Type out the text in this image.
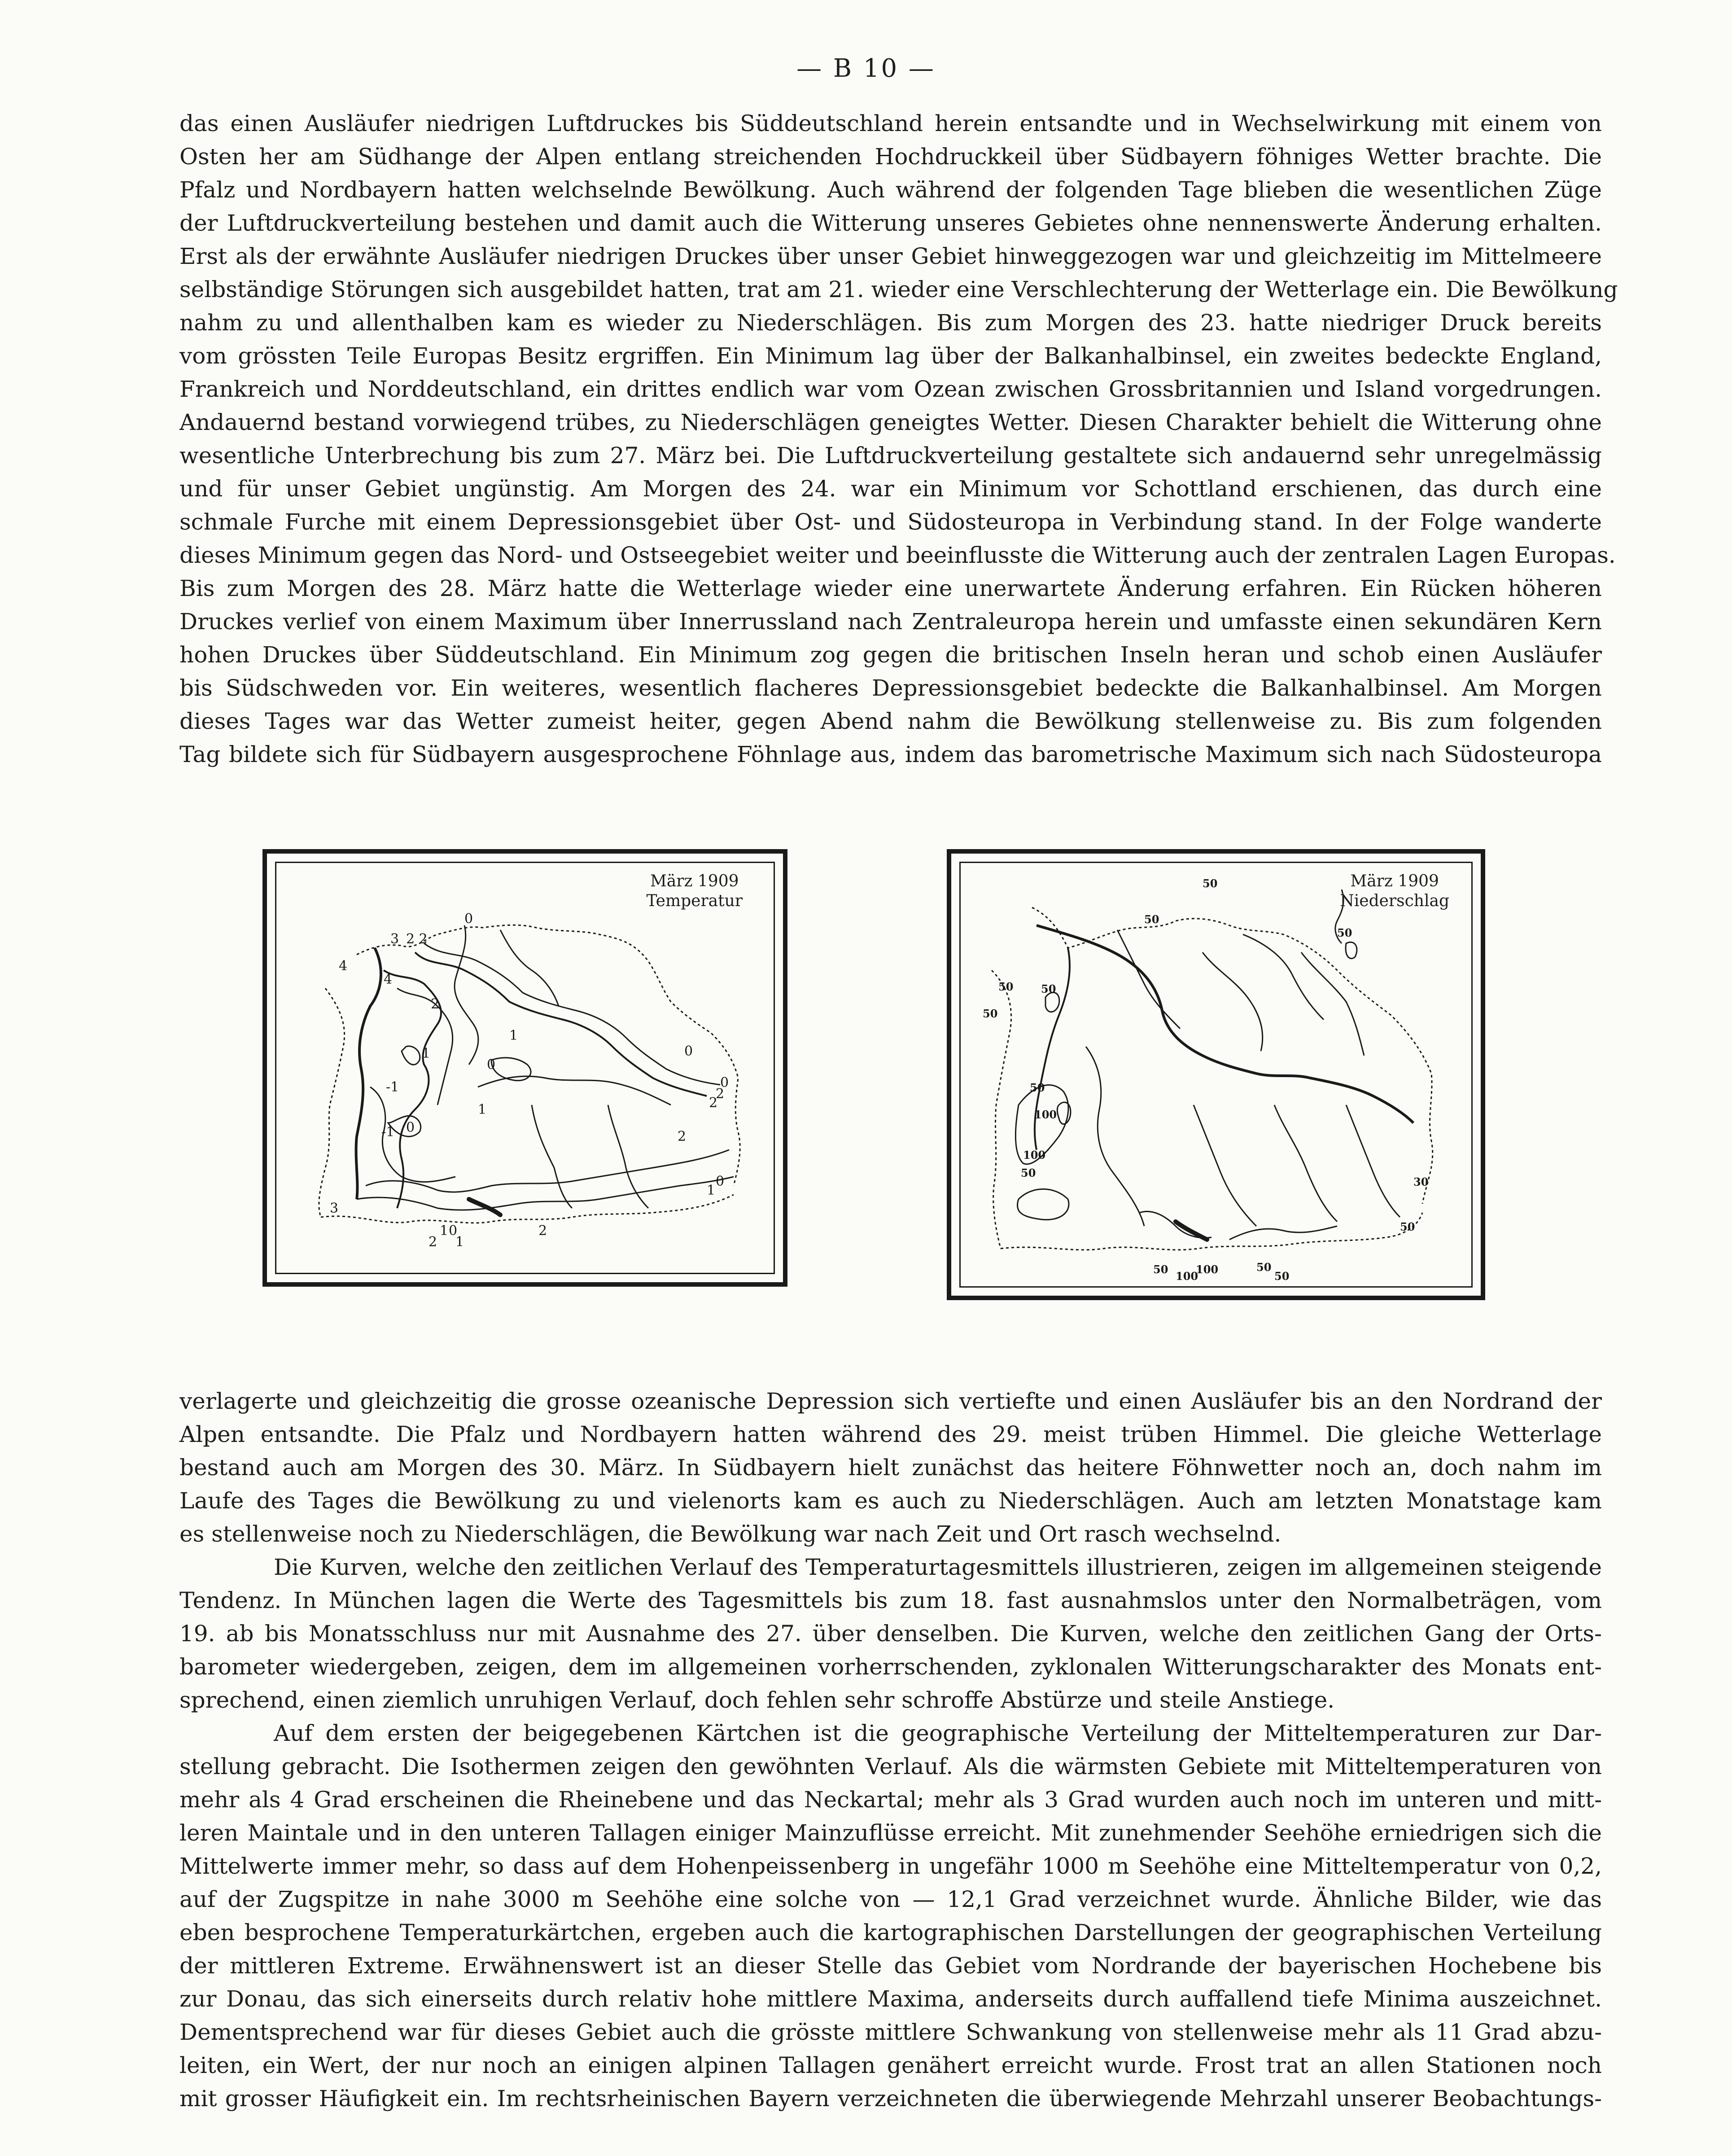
— B 10 —
das einen Ausläufer niedrigen Luftdruckes bis Süddeutschland herein entsandte und in Wechselwirkung mit einem von
Osten her am Südhange der Alpen entlang streichenden Hochdruckkeil über Südbayern föhniges Wetter brachte. Die
Pfalz und Nordbayern hatten welchselnde Bewölkung. Auch während der folgenden Tage blieben die wesentlichen Züge
der Luftdruckverteilung bestehen und damit auch die Witterung unseres Gebietes ohne nennenswerte Änderung erhalten.
Erst als der erwähnte Ausläufer niedrigen Druckes über unser Gebiet hinweggezogen war und gleichzeitig im Mittelmeere
selbständige Störungen sich ausgebildet hatten, trat am 21. wieder eine Verschlechterung der Wetterlage ein. Die Bewölkung
nahm zu und allenthalben kam es wieder zu Niederschlägen. Bis zum Morgen des 23. hatte niedriger Druck bereits
vom grössten Teile Europas Besitz ergriffen. Ein Minimum lag über der Balkanhalbinsel, ein zweites bedeckte England,
Frankreich und Norddeutschland, ein drittes endlich war vom Ozean zwischen Grossbritannien und Island vorgedrungen.
Andauernd bestand vorwiegend trübes, zu Niederschlägen geneigtes Wetter. Diesen Charakter behielt die Witterung ohne
wesentliche Unterbrechung bis zum 27. März bei. Die Luftdruckverteilung gestaltete sich andauernd sehr unregelmässig
und für unser Gebiet ungünstig. Am Morgen des 24. war ein Minimum vor Schottland erschienen, das durch eine
schmale Furche mit einem Depressionsgebiet über Ost- und Südosteuropa in Verbindung stand. In der Folge wanderte
dieses Minimum gegen das Nord- und Ostseegebiet weiter und beeinflusste die Witterung auch der zentralen Lagen Europas.
Bis zum Morgen des 28. März hatte die Wetterlage wieder eine unerwartete Änderung erfahren. Ein Rücken höheren
Druckes verlief von einem Maximum über Innerrussland nach Zentraleuropa herein und umfasste einen sekundären Kern
hohen Druckes über Süddeutschland. Ein Minimum zog gegen die britischen Inseln heran und schob einen Ausläufer
bis Südschweden vor. Ein weiteres, wesentlich flacheres Depressionsgebiet bedeckte die Balkanhalbinsel. Am Morgen
dieses Tages war das Wetter zumeist heiter, gegen Abend nahm die Bewölkung stellenweise zu. Bis zum folgenden
Tag bildete sich für Südbayern ausgesprochene Föhnlage aus, indem das barometrische Maximum sich nach Südosteuropa
0
3 2 2
4
4
-1
1
2
0
-1
3
1
0
0
2
2
2
0
1
0
1 0
2 1
2
1
März 1909
Temperatur
50
50
50
50	50
50
50
100
100
50
50
100
100
50	50
50
30
März 1909
Niederschlag
verlagerte und gleichzeitig die grosse ozeanische Depression sich vertiefte und einen Ausläufer bis an den Nordrand der
Alpen entsandte. Die Pfalz und Nordbayern hatten während des 29. meist trüben Himmel. Die gleiche Wetterlage
bestand auch am Morgen des 30. März. In Südbayern hielt zunächst das heitere Föhnwetter noch an, doch nahm im
Laufe des Tages die Bewölkung zu und vielenorts kam es auch zu Niederschlägen. Auch am letzten Monatstage kam
es stellenweise noch zu Niederschlägen, die Bewölkung war nach Zeit und Ort rasch wechselnd.
Die Kurven, welche den zeitlichen Verlauf des Temperaturtagesmittels illustrieren, zeigen im allgemeinen steigende
Tendenz. In München lagen die Werte des Tagesmittels bis zum 18. fast ausnahmslos unter den Normalbeträgen, vom
19. ab bis Monatsschluss nur mit Ausnahme des 27. über denselben. Die Kurven, welche den zeitlichen Gang der Orts-
barometer wiedergeben, zeigen, dem im allgemeinen vorherrschenden, zyklonalen Witterungscharakter des Monats ent-
sprechend, einen ziemlich unruhigen Verlauf, doch fehlen sehr schroffe Abstürze und steile Anstiege.
Auf dem ersten der beigegebenen Kärtchen ist die geographische Verteilung der Mitteltemperaturen zur Dar-
stellung gebracht. Die Isothermen zeigen den gewöhnten Verlauf. Als die wärmsten Gebiete mit Mitteltemperaturen von
mehr als 4 Grad erscheinen die Rheinebene und das Neckartal; mehr als 3 Grad wurden auch noch im unteren und mitt-
leren Maintale und in den unteren Tallagen einiger Mainzuflüsse erreicht. Mit zunehmender Seehöhe erniedrigen sich die
Mittelwerte immer mehr, so dass auf dem Hohenpeissenberg in ungefähr 1000 m Seehöhe eine Mitteltemperatur von 0,2,
auf der Zugspitze in nahe 3000 m Seehöhe eine solche von — 12,1 Grad verzeichnet wurde. Ähnliche Bilder, wie das
eben besprochene Temperaturkärtchen, ergeben auch die kartographischen Darstellungen der geographischen Verteilung
der mittleren Extreme. Erwähnenswert ist an dieser Stelle das Gebiet vom Nordrande der bayerischen Hochebene bis
zur Donau, das sich einerseits durch relativ hohe mittlere Maxima, anderseits durch auffallend tiefe Minima auszeichnet.
Dementsprechend war für dieses Gebiet auch die grösste mittlere Schwankung von stellenweise mehr als 11 Grad abzu-
leiten, ein Wert, der nur noch an einigen alpinen Tallagen genähert erreicht wurde. Frost trat an allen Stationen noch
mit grosser Häufigkeit ein. Im rechtsrheinischen Bayern verzeichneten die überwiegende Mehrzahl unserer Beobachtungs-
